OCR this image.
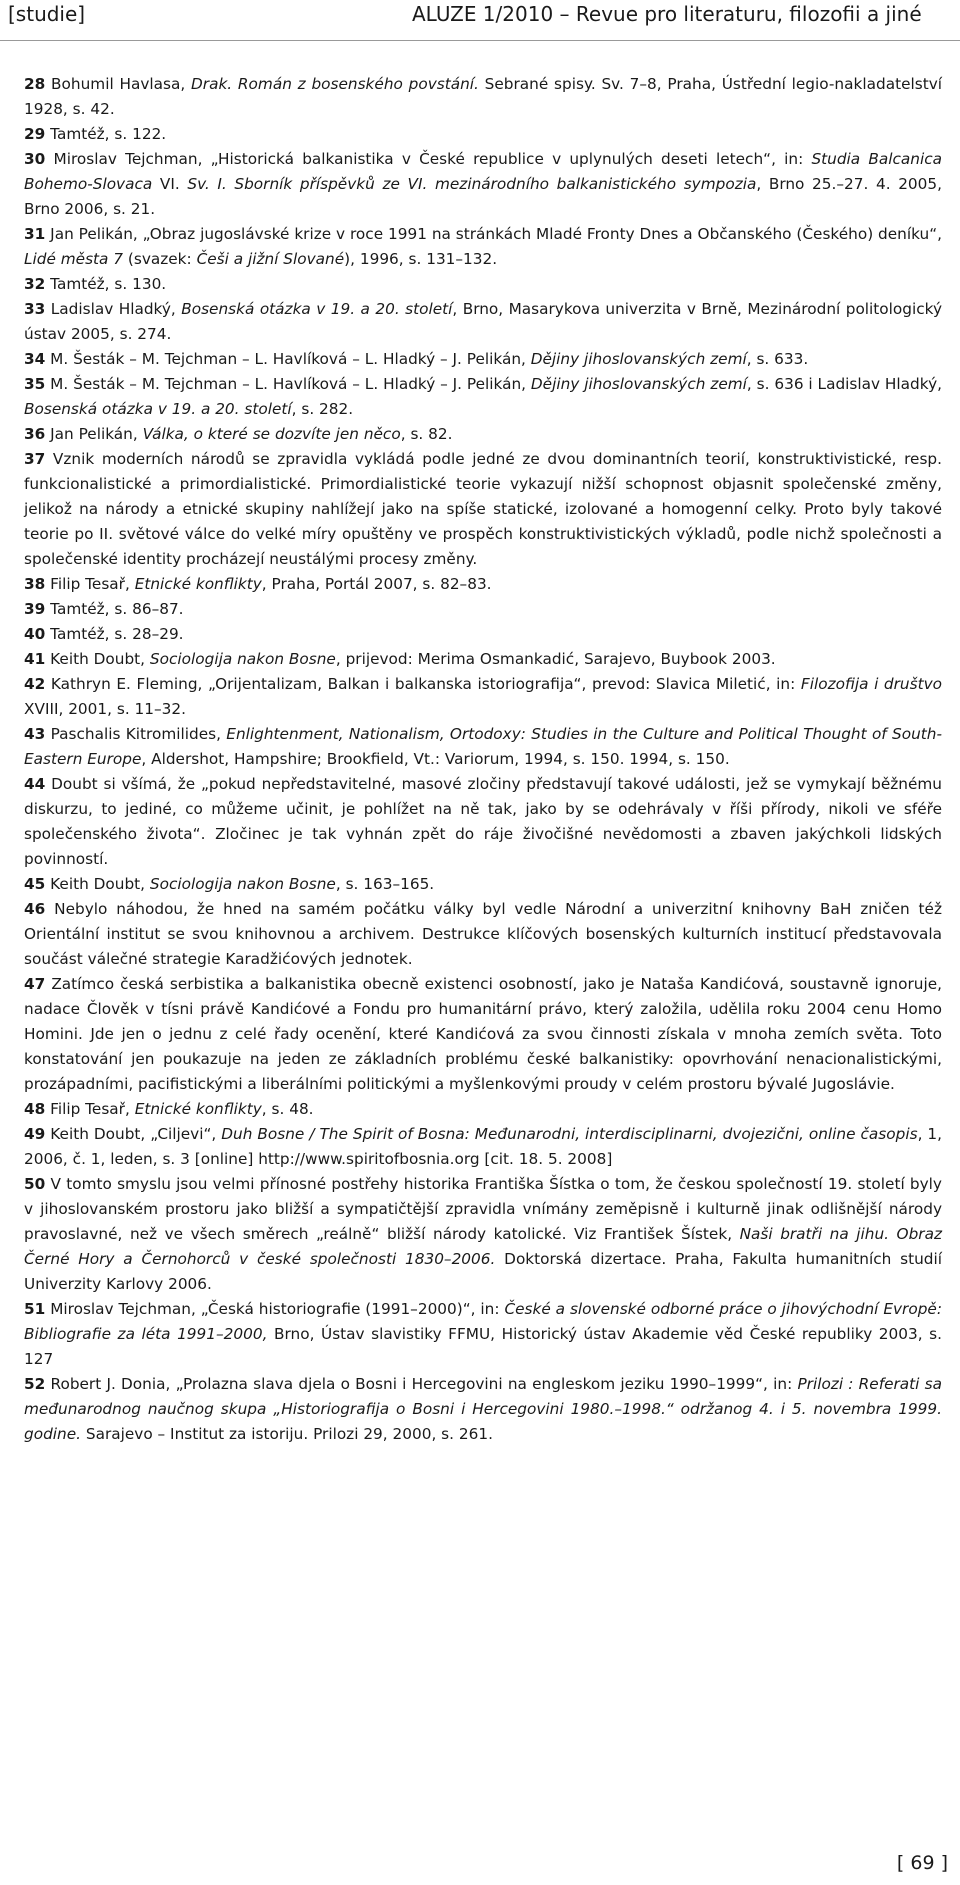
[studie]	ALUZE 1/2010 – Revue pro literaturu, filozofii a jiné

28 Bohumil Havlasa, Drak. Román z bosenského povstání. Sebrané spisy. Sv. 7–8, Praha, Ústřední legio-nakladatelství 1928, s. 42.

29 Tamtéž, s. 122.

30 Miroslav Tejchman, „Historická balkanistika v České republice v uplynulých deseti letech“, in: Studia Balcanica Bohemo-Slovaca VI. Sv. I. Sborník příspěvků ze VI. mezinárodního balkanistického sympozia, Brno 25.–27. 4. 2005, Brno 2006, s. 21.

31 Jan Pelikán, „Obraz jugoslávské krize v roce 1991 na stránkách Mladé Fronty Dnes a Občanského (Českého) deníku“, Lidé města 7 (svazek: Češi a jižní Slované), 1996, s. 131–132.

32 Tamtéž, s. 130.

33 Ladislav Hladký, Bosenská otázka v 19. a 20. století, Brno, Masarykova univerzita v Brně, Mezinárodní politologický ústav 2005, s. 274.

34 M. Šesták – M. Tejchman – L. Havlíková – L. Hladký – J. Pelikán, Dějiny jihoslovanských zemí, s. 633.

35 M. Šesták – M. Tejchman – L. Havlíková – L. Hladký – J. Pelikán, Dějiny jihoslovanských zemí, s. 636 i Ladislav Hladký, Bosenská otázka v 19. a 20. století, s. 282.

36 Jan Pelikán, Válka, o které se dozvíte jen něco, s. 82.

37 Vznik moderních národů se zpravidla vykládá podle jedné ze dvou dominantních teorií, konstruktivistické, resp. funkcionalistické a primordialistické. Primordialistické teorie vykazují nižší schopnost objasnit společenské změny, jelikož na národy a etnické skupiny nahlížejí jako na spíše statické, izolované a homogenní celky. Proto byly takové teorie po II. světové válce do velké míry opuštěny ve prospěch konstruktivistických výkladů, podle nichž společnosti a společenské identity procházejí neustálými procesy změny.

38 Filip Tesař, Etnické konflikty, Praha, Portál 2007, s. 82–83.

39 Tamtéž, s. 86–87.

40 Tamtéž, s. 28–29.

41 Keith Doubt, Sociologija nakon Bosne, prijevod: Merima Osmankadić, Sarajevo, Buybook 2003.

42 Kathryn E. Fleming, „Orijentalizam, Balkan i balkanska istoriografija“, prevod: Slavica Miletić, in: Filozofija i društvo XVIII, 2001, s. 11–32.

43 Paschalis Kitromilides, Enlightenment, Nationalism, Ortodoxy: Studies in the Culture and Political Thought of South-Eastern Europe, Aldershot, Hampshire; Brookfield, Vt.: Variorum, 1994, s. 150. 1994, s. 150.

44 Doubt si všímá, že „pokud nepředstavitelné, masové zločiny představují takové události, jež se vymykají běžnému diskurzu, to jediné, co můžeme učinit, je pohlížet na ně tak, jako by se odehrávaly v říši přírody, nikoli ve sféře společenského života“. Zločinec je tak vyhnán zpět do ráje živočišné nevědomosti a zbaven jakýchkoli lidských povinností.

45 Keith Doubt, Sociologija nakon Bosne, s. 163–165.

46 Nebylo náhodou, že hned na samém počátku války byl vedle Národní a univerzitní knihovny BaH zničen též Orientální institut se svou knihovnou a archivem. Destrukce klíčových bosenských kulturních institucí představovala součást válečné strategie Karadžićových jednotek.

47 Zatímco česká serbistika a balkanistika obecně existenci osobností, jako je Nataša Kandićová, soustavně ignoruje, nadace Člověk v tísni právě Kandićové a Fondu pro humanitární právo, který založila, udělila roku 2004 cenu Homo Homini. Jde jen o jednu z celé řady ocenění, které Kandićová za svou činnosti získala v mnoha zemích světa. Toto konstatování jen poukazuje na jeden ze základních problému české balkanistiky: opovrhování nenacionalistickými, prozápadními, pacifistickými a liberálními politickými a myšlenkovými proudy v celém prostoru bývalé Jugoslávie.

48 Filip Tesař, Etnické konflikty, s. 48.

49 Keith Doubt, „Ciljevi“, Duh Bosne / The Spirit of Bosna: Međunarodni, interdisciplinarni, dvojezični, online časopis, 1, 2006, č. 1, leden, s. 3 [online] http://www.spiritofbosnia.org [cit. 18. 5. 2008]

50 V tomto smyslu jsou velmi přínosné postřehy historika Františka Šístka o tom, že českou společností 19. století byly v jihoslovanském prostoru jako bližší a sympatičtější zpravidla vnímány zeměpisně i kulturně jinak odlišnější národy pravoslavné, než ve všech směrech „reálně“ bližší národy katolické. Viz František Šístek, Naši bratři na jihu. Obraz Černé Hory a Černohorců v české společnosti 1830–2006. Doktorská dizertace. Praha, Fakulta humanitních studií Univerzity Karlovy 2006.

51 Miroslav Tejchman, „Česká historiografie (1991–2000)“, in: České a slovenské odborné práce o jihovýchodní Evropě: Bibliografie za léta 1991–2000, Brno, Ústav slavistiky FFMU, Historický ústav Akademie věd České republiky 2003, s. 127

52 Robert J. Donia, „Prolazna slava djela o Bosni i Hercegovini na engleskom jeziku 1990–1999“, in: Prilozi : Referati sa međunarodnog naučnog skupa „Historiografija o Bosni i Hercegovini 1980.–1998.“ održanog 4. i 5. novembra 1999. godine. Sarajevo – Institut za istoriju. Prilozi 29, 2000, s. 261.

[ 69 ]
